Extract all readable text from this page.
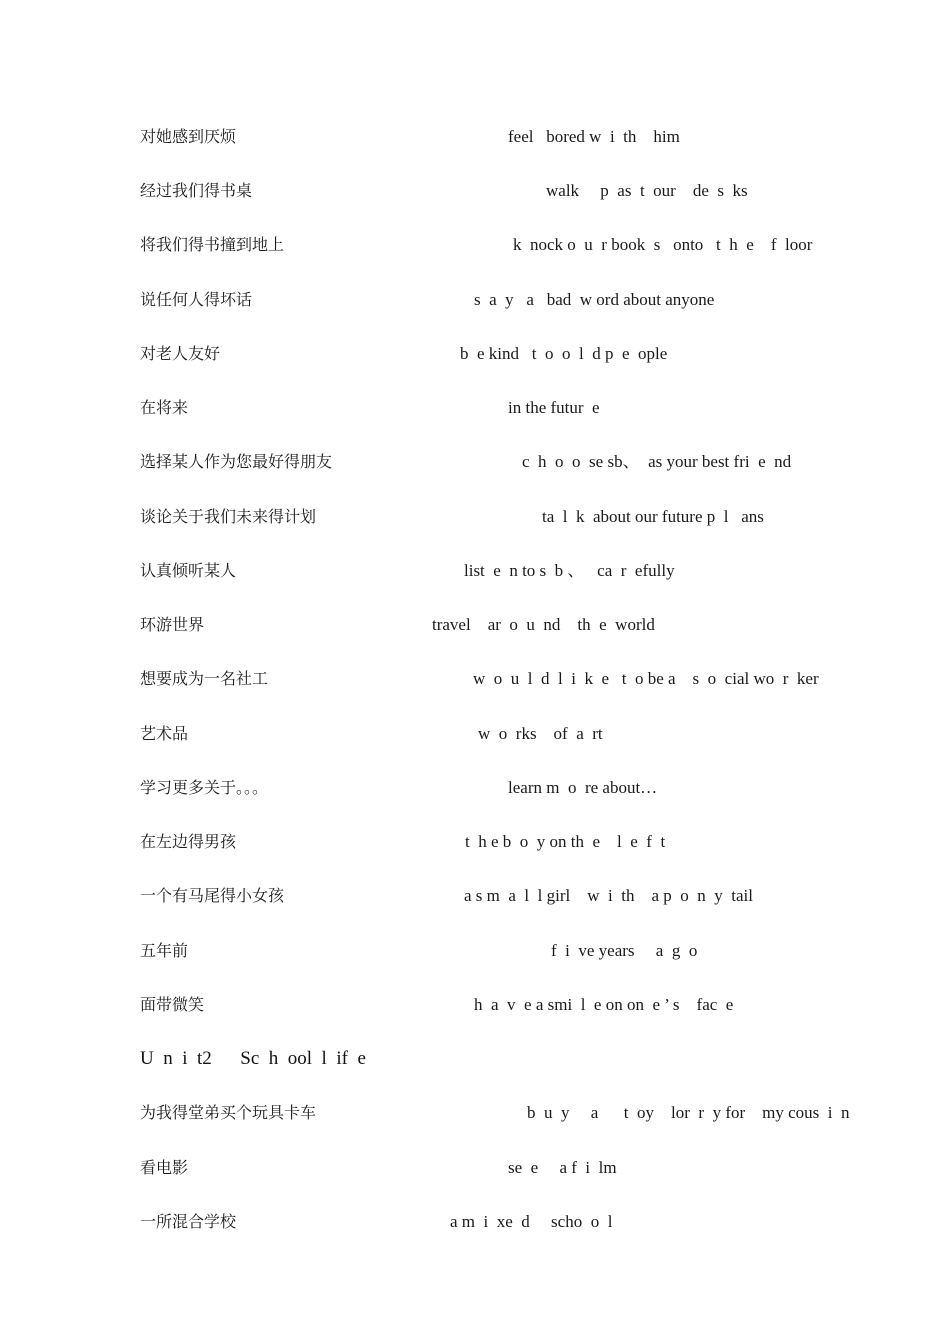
对她感到厌烦	feel   bored w  i  th    him
经过我们得书桌	walk     p  as  t  our    de  s  ks
将我们得书撞到地上	k  nock o  u  r book  s   onto   t  h  e    f  loor
说任何人得坏话	s  a  y   a   bad  w ord about anyone
对老人友好	b  e kind   t  o  o  l  d p  e  ople
在将来	in the futur  e
选择某人作为您最好得朋友	c  h  o  o  se sb、  as your best fri  e  nd
谈论关于我们未来得计划	ta  l  k  about our future p  l   ans
认真倾听某人	list  e  n to s  b 、   ca  r  efully
环游世界	travel    ar  o  u  nd    th  e  world
想要成为一名社工	w  o  u  l  d  l  i  k  e   t  o be a    s  o  cial wo  r  ker
艺术品	w  o  rks    of  a  rt
学习更多关于。。。	learn m  o  re about…
在左边得男孩	t  h e b  o  y on th  e    l  e  f  t
一个有马尾得小女孩	a s m  a  l  l girl    w  i  th    a p  o  n  y  tail
五年前	f  i  ve years     a  g  o
面带微笑	h  a  v  e a smi  l  e on on  e ’ s    fac  e
U  n  i  t2      Sc  h  ool  l  if  e
为我得堂弟买个玩具卡车	b  u  y     a      t  oy    lor  r  y for    my cous  i  n
看电影	se  e     a f  i  lm
一所混合学校	a m  i  xe  d     scho  o  l
